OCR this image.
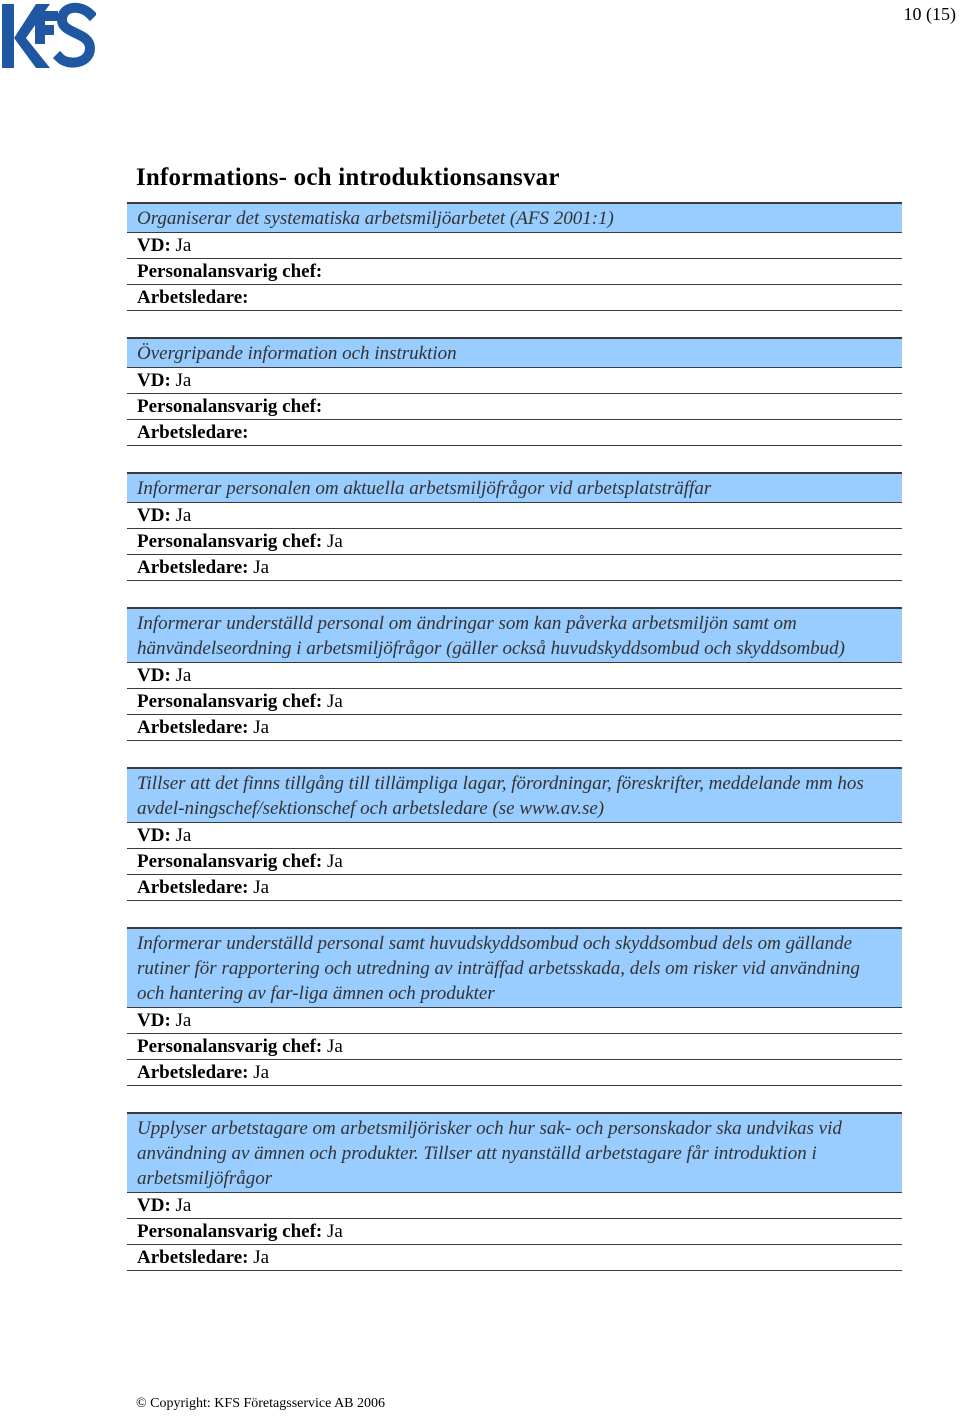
10 (15)
Informations- och introduktionsansvar
Organiserar det systematiska arbetsmiljöarbetet (AFS 2001:1)
VD: Ja
Personalansvarig chef:
Arbetsledare:
Övergripande information och instruktion
VD: Ja
Personalansvarig chef:
Arbetsledare:
Informerar personalen om aktuella arbetsmiljöfrågor vid arbetsplatsträffar
VD: Ja
Personalansvarig chef: Ja
Arbetsledare: Ja
Informerar underställd personal om ändringar som kan påverka arbetsmiljön samt om hänvändelseordning i arbetsmiljöfrågor (gäller också huvudskyddsombud och skyddsombud)
VD: Ja
Personalansvarig chef: Ja
Arbetsledare: Ja
Tillser att det finns tillgång till tillämpliga lagar, förordningar, föreskrifter, meddelande mm hos avdel-ningschef/sektionschef och arbetsledare (se www.av.se)
VD: Ja
Personalansvarig chef: Ja
Arbetsledare: Ja
Informerar underställd personal samt huvudskyddsombud och skyddsombud dels om gällande rutiner för rapportering och utredning av inträffad arbetsskada, dels om risker vid användning och hantering av far-liga ämnen och produkter
VD: Ja
Personalansvarig chef: Ja
Arbetsledare: Ja
Upplyser arbetstagare om arbetsmiljörisker och hur sak- och personskador ska undvikas vid användning av ämnen och produkter. Tillser att nyanställd arbetstagare får introduktion i arbetsmiljöfrågor
VD: Ja
Personalansvarig chef: Ja
Arbetsledare: Ja
© Copyright: KFS Företagsservice AB 2006
